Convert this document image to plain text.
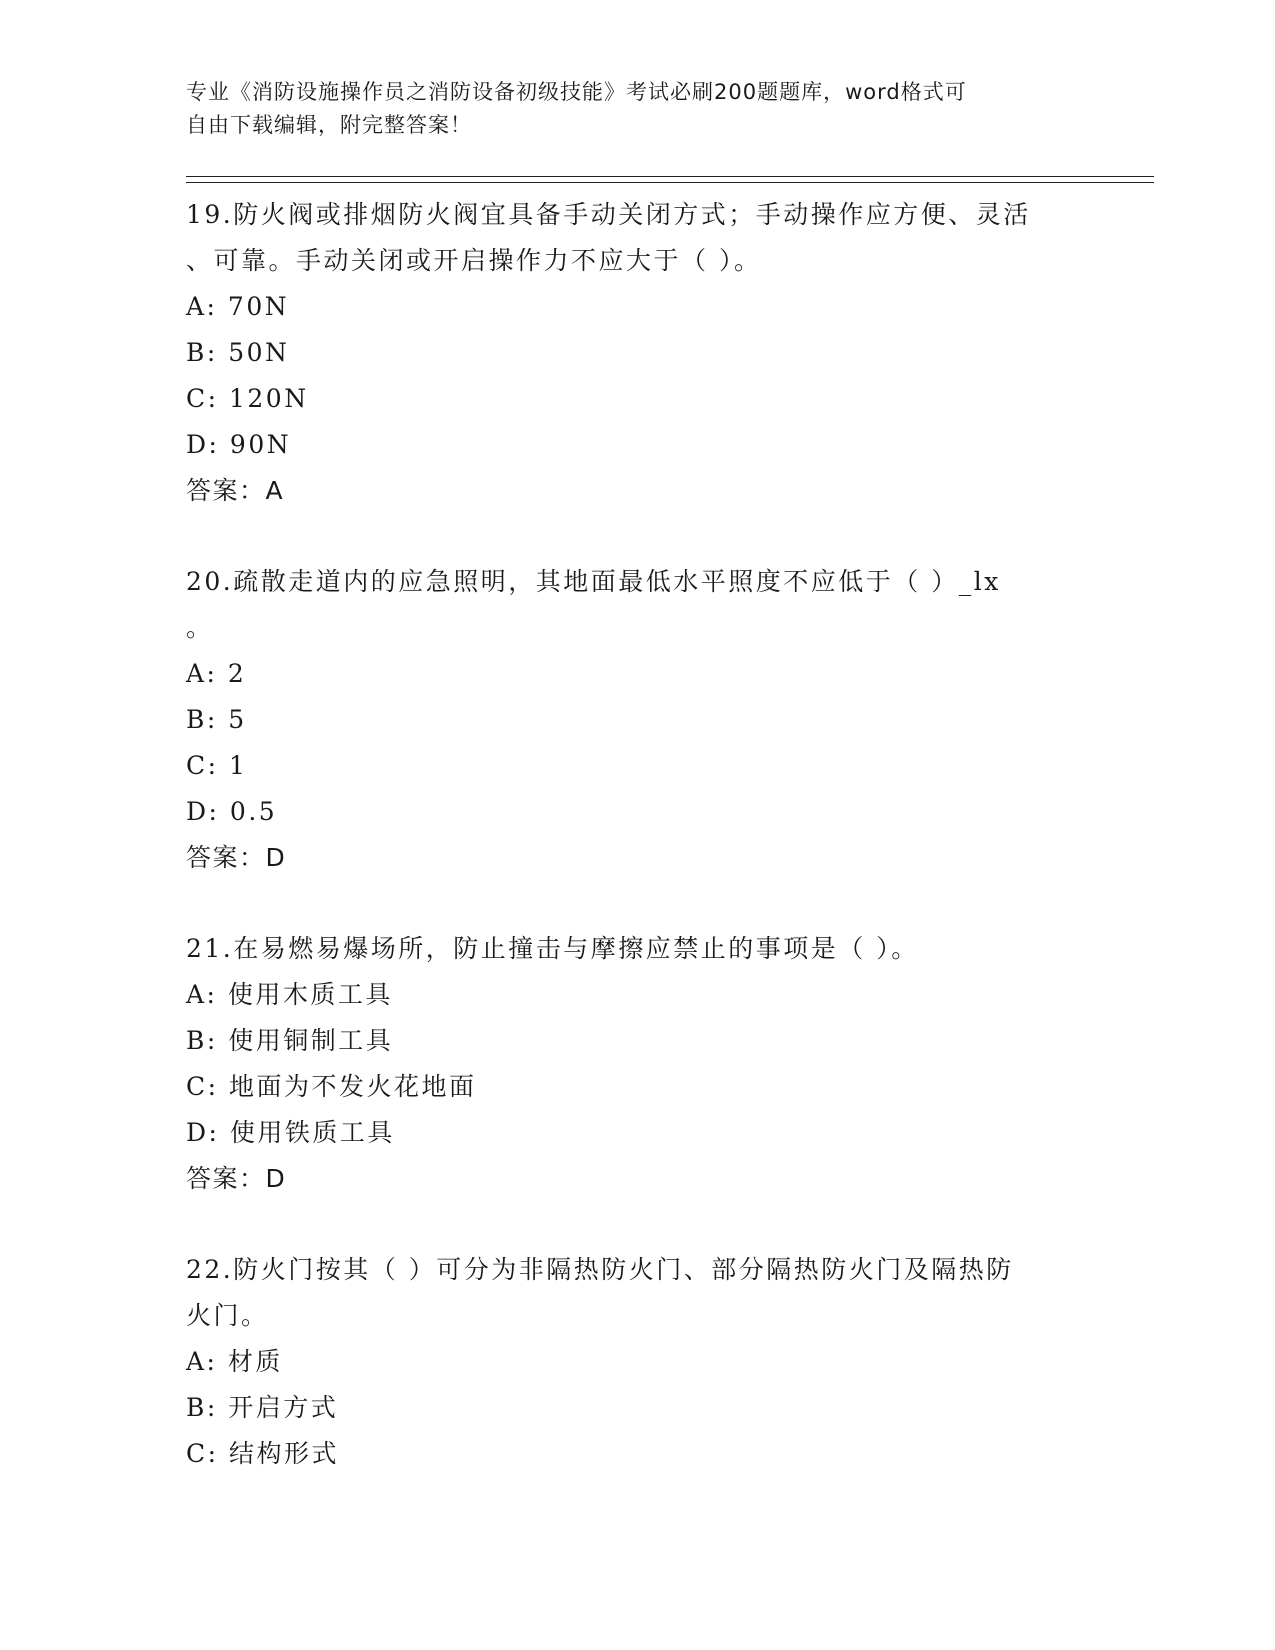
专业《消防设施操作员之消防设备初级技能》考试必刷200题题库，word格式可
自由下载编辑，附完整答案！
19.防火阀或排烟防火阀宜具备手动关闭方式；手动操作应方便、灵活
、可靠。手动关闭或开启操作力不应大于（ ）。
A: 70N
B: 50N
C: 120N
D: 90N
答案：A
20.疏散走道内的应急照明，其地面最低水平照度不应低于（ ）_lx
。
A: 2
B: 5
C: 1
D: 0.5
答案：D
21.在易燃易爆场所，防止撞击与摩擦应禁止的事项是（ ）。
A: 使用木质工具
B: 使用铜制工具
C: 地面为不发火花地面
D: 使用铁质工具
答案：D
22.防火门按其（ ）可分为非隔热防火门、部分隔热防火门及隔热防
火门。
A: 材质
B: 开启方式
C: 结构形式
